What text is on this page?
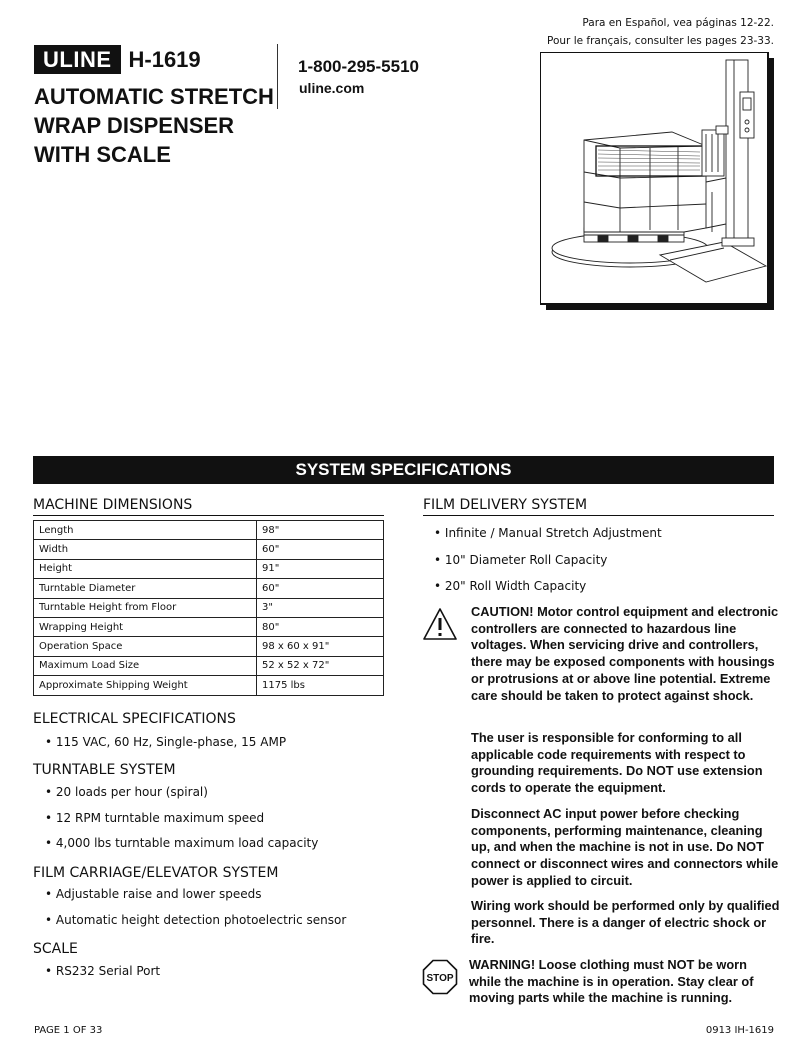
Para en Español, vea páginas 12-22.
Pour le français, consulter les pages 23-33.
ULINE H-1619
AUTOMATIC STRETCH
WRAP DISPENSER
WITH SCALE
1-800-295-5510
uline.com
SYSTEM SPECIFICATIONS
MACHINE DIMENSIONS
Length	98"
Width	60"
Height	91"
Turntable Diameter	60"
Turntable Height from Floor	3"
Wrapping Height	80"
Operation Space	98 x 60 x 91"
Maximum Load Size	52 x 52 x 72"
Approximate Shipping Weight	1175 lbs
ELECTRICAL SPECIFICATIONS
• 115 VAC, 60 Hz, Single-phase, 15 AMP
TURNTABLE SYSTEM
• 20 loads per hour (spiral)
• 12 RPM turntable maximum speed
• 4,000 lbs turntable maximum load capacity
FILM CARRIAGE/ELEVATOR SYSTEM
• Adjustable raise and lower speeds
• Automatic height detection photoelectric sensor
SCALE
• RS232 Serial Port
FILM DELIVERY SYSTEM
• Infinite / Manual Stretch Adjustment
• 10" Diameter Roll Capacity
• 20" Roll Width Capacity
CAUTION! Motor control equipment and electronic controllers are connected to hazardous line voltages. When servicing drive and controllers, there may be exposed components with housings or protrusions at or above line potential. Extreme care should be taken to protect against shock.
The user is responsible for conforming to all applicable code requirements with respect to grounding requirements. Do NOT use extension cords to operate the equipment.
Disconnect AC input power before checking components, performing maintenance, cleaning up, and when the machine is not in use. Do NOT connect or disconnect wires and connectors while power is applied to circuit.
Wiring work should be performed only by qualified personnel. There is a danger of electric shock or fire.
STOP
WARNING! Loose clothing must NOT be worn while the machine is in operation. Stay clear of moving parts while the machine is running.
PAGE 1 OF 33	0913 IH-1619
